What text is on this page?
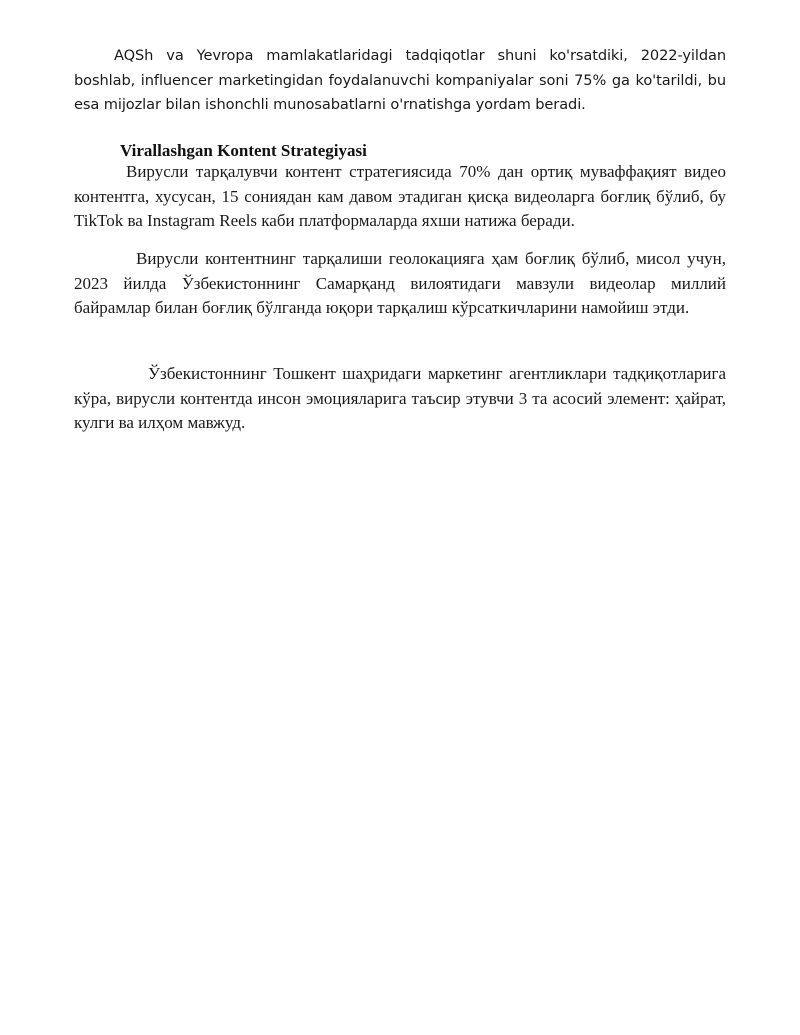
AQSh va Yevropa mamlakatlaridagi tadqiqotlar shuni ko'rsatdiki, 2022-yildan boshlab, influencer marketingidan foydalanuvchi kompaniyalar soni 75% ga ko'tarildi, bu esa mijozlar bilan ishonchli munosabatlarni o'rnatishga yordam beradi.

Virallashgan Kontent Strategiyasi

Вирусли тарқалувчи контент стратегиясида 70% дан ортиқ муваффақият видео контентга, хусусан, 15 сониядан кам давом этадиган қисқа видеоларга боғлиқ бўлиб, бу TikTok ва Instagram Reels каби платформаларда яхши натижа беради.

Вирусли контентнинг тарқалиши геолокацияга ҳам боғлиқ бўлиб, мисол учун, 2023 йилда Ўзбекистоннинг Самарқанд вилоятидаги мавзули видеолар миллий байрамлар билан боғлиқ бўлганда юқори тарқалиш кўрсаткичларини намойиш этди.

Ўзбекистоннинг Тошкент шаҳридаги маркетинг агентликлари тадқиқотларига кўра, вирусли контентда инсон эмоцияларига таъсир этувчи 3 та асосий элемент: ҳайрат, кулги ва илҳом мавжуд.
